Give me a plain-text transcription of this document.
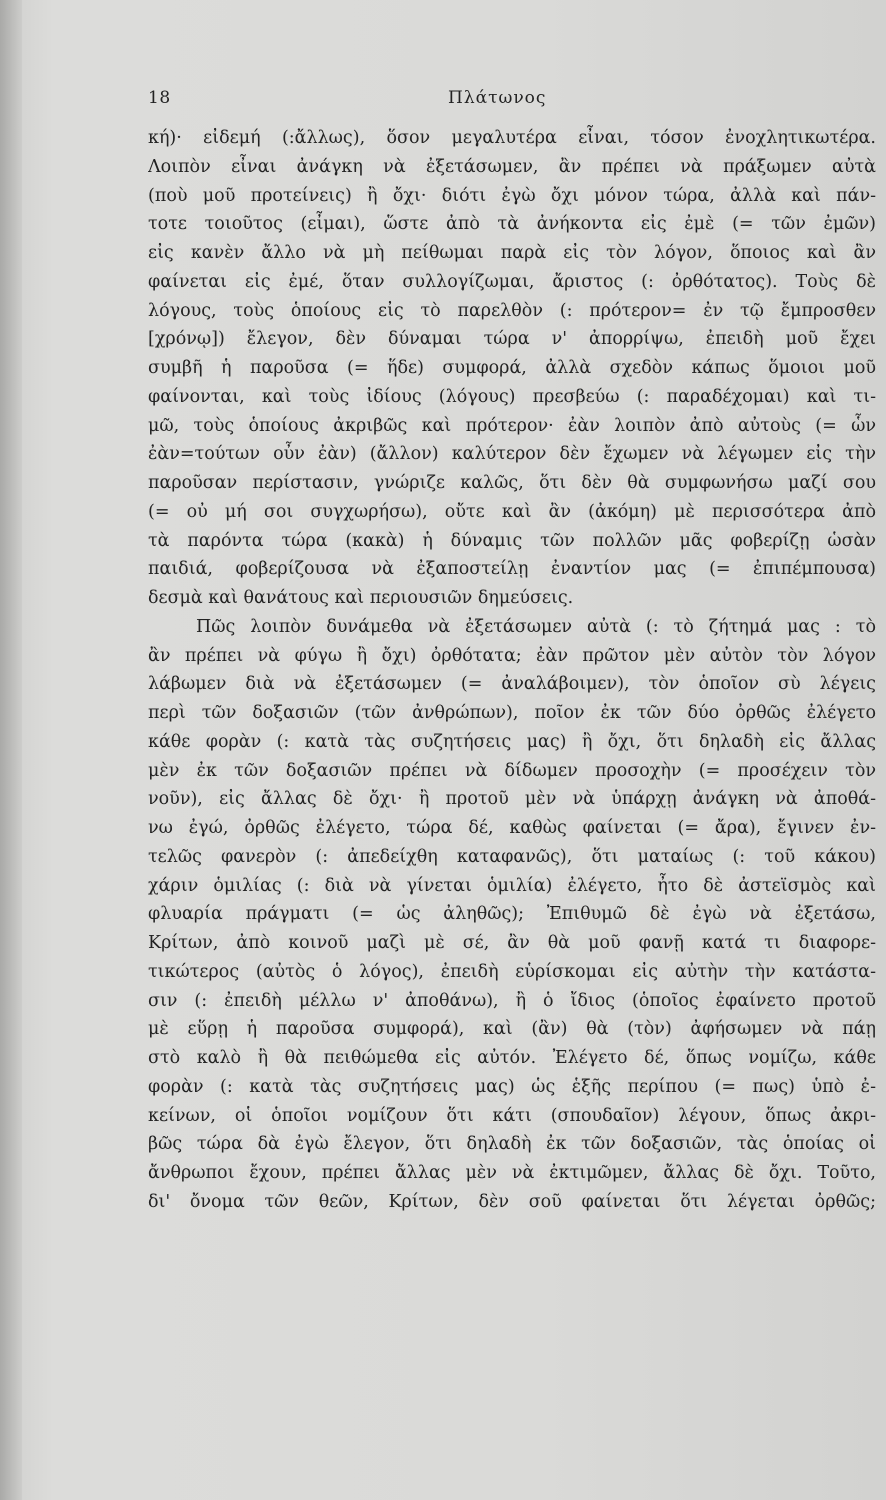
18	Πλάτωνος
κή)· εἰδεμή (:ἄλλως), ὅσον μεγαλυτέρα εἶναι, τόσον ἐνοχλητικωτέρα.
Λοιπὸν εἶναι ἀνάγκη νὰ ἐξετάσωμεν, ἂν πρέπει νὰ πράξωμεν αὐτὰ
(ποὺ μοῦ προτείνεις) ἢ ὄχι· διότι ἐγὼ ὄχι μόνον τώρα, ἀλλὰ καὶ πάν-
τοτε τοιοῦτος (εἶμαι), ὥστε ἀπὸ τὰ ἀνήκοντα εἰς ἐμὲ (= τῶν ἐμῶν)
εἰς κανὲν ἄλλο νὰ μὴ πείθωμαι παρὰ εἰς τὸν λόγον, ὅποιος καὶ ἂν
φαίνεται εἰς ἐμέ, ὅταν συλλογίζωμαι, ἄριστος (: ὀρθότατος). Τοὺς δὲ
λόγους, τοὺς ὁποίους εἰς τὸ παρελθὸν (: πρότερον= ἐν τῷ ἔμπροσθεν
[χρόνῳ]) ἔλεγον, δὲν δύναμαι τώρα ν' ἀπορρίψω, ἐπειδὴ μοῦ ἔχει
συμβῆ ἡ παροῦσα (= ἥδε) συμφορά, ἀλλὰ σχεδὸν κάπως ὅμοιοι μοῦ
φαίνονται, καὶ τοὺς ἰδίους (λόγους) πρεσβεύω (: παραδέχομαι) καὶ τι-
μῶ, τοὺς ὁποίους ἀκριβῶς καὶ πρότερον· ἐὰν λοιπὸν ἀπὸ αὐτοὺς (= ὧν
ἐὰν=τούτων οὖν ἐὰν) (ἄλλον) καλύτερον δὲν ἔχωμεν νὰ λέγωμεν εἰς τὴν
παροῦσαν περίστασιν, γνώριζε καλῶς, ὅτι δὲν θὰ συμφωνήσω μαζί σου
(= οὐ μή σοι συγχωρήσω), οὔτε καὶ ἂν (ἀκόμη) μὲ περισσότερα ἀπὸ
τὰ παρόντα τώρα (κακὰ) ἡ δύναμις τῶν πολλῶν μᾶς φοβερίζῃ ὡσὰν
παιδιά, φοβερίζουσα νὰ ἐξαποστείλῃ ἐναντίον μας (= ἐπιπέμπουσα)
δεσμὰ καὶ θανάτους καὶ περιουσιῶν δημεύσεις.
Πῶς λοιπὸν δυνάμεθα νὰ ἐξετάσωμεν αὐτὰ (: τὸ ζήτημά μας : τὸ
ἂν πρέπει νὰ φύγω ἢ ὄχι) ὀρθότατα; ἐὰν πρῶτον μὲν αὐτὸν τὸν λόγον
λάβωμεν διὰ νὰ ἐξετάσωμεν (= ἀναλάβοιμεν), τὸν ὁποῖον σὺ λέγεις
περὶ τῶν δοξασιῶν (τῶν ἀνθρώπων), ποῖον ἐκ τῶν δύο ὀρθῶς ἐλέγετο
κάθε φορὰν (: κατὰ τὰς συζητήσεις μας) ἢ ὄχι, ὅτι δηλαδὴ εἰς ἄλλας
μὲν ἐκ τῶν δοξασιῶν πρέπει νὰ δίδωμεν προσοχὴν (= προσέχειν τὸν
νοῦν), εἰς ἄλλας δὲ ὄχι· ἢ προτοῦ μὲν νὰ ὑπάρχῃ ἀνάγκη νὰ ἀποθά-
νω ἐγώ, ὀρθῶς ἐλέγετο, τώρα δέ, καθὼς φαίνεται (= ἄρα), ἔγινεν ἐν-
τελῶς φανερὸν (: ἀπεδείχθη καταφανῶς), ὅτι ματαίως (: τοῦ κάκου)
χάριν ὁμιλίας (: διὰ νὰ γίνεται ὁμιλία) ἐλέγετο, ἦτο δὲ ἀστεϊσμὸς καὶ
φλυαρία πράγματι (= ὡς ἀληθῶς); Ἐπιθυμῶ δὲ ἐγὼ νὰ ἐξετάσω,
Κρίτων, ἀπὸ κοινοῦ μαζὶ μὲ σέ, ἂν θὰ μοῦ φανῇ κατά τι διαφορε-
τικώτερος (αὐτὸς ὁ λόγος), ἐπειδὴ εὑρίσκομαι εἰς αὐτὴν τὴν κατάστα-
σιν (: ἐπειδὴ μέλλω ν' ἀποθάνω), ἢ ὁ ἴδιος (ὁποῖος ἐφαίνετο προτοῦ
μὲ εὕρῃ ἡ παροῦσα συμφορά), καὶ (ἂν) θὰ (τὸν) ἀφήσωμεν νὰ πάῃ
στὸ καλὸ ἢ θὰ πειθώμεθα εἰς αὐτόν. Ἐλέγετο δέ, ὅπως νομίζω, κάθε
φορὰν (: κατὰ τὰς συζητήσεις μας) ὡς ἑξῆς περίπου (= πως) ὑπὸ ἐ-
κείνων, οἱ ὁποῖοι νομίζουν ὅτι κάτι (σπουδαῖον) λέγουν, ὅπως ἀκρι-
βῶς τώρα δὰ ἐγὼ ἔλεγον, ὅτι δηλαδὴ ἐκ τῶν δοξασιῶν, τὰς ὁποίας οἱ
ἄνθρωποι ἔχουν, πρέπει ἄλλας μὲν νὰ ἐκτιμῶμεν, ἄλλας δὲ ὄχι. Τοῦτο,
δι' ὄνομα τῶν θεῶν, Κρίτων, δὲν σοῦ φαίνεται ὅτι λέγεται ὀρθῶς;
